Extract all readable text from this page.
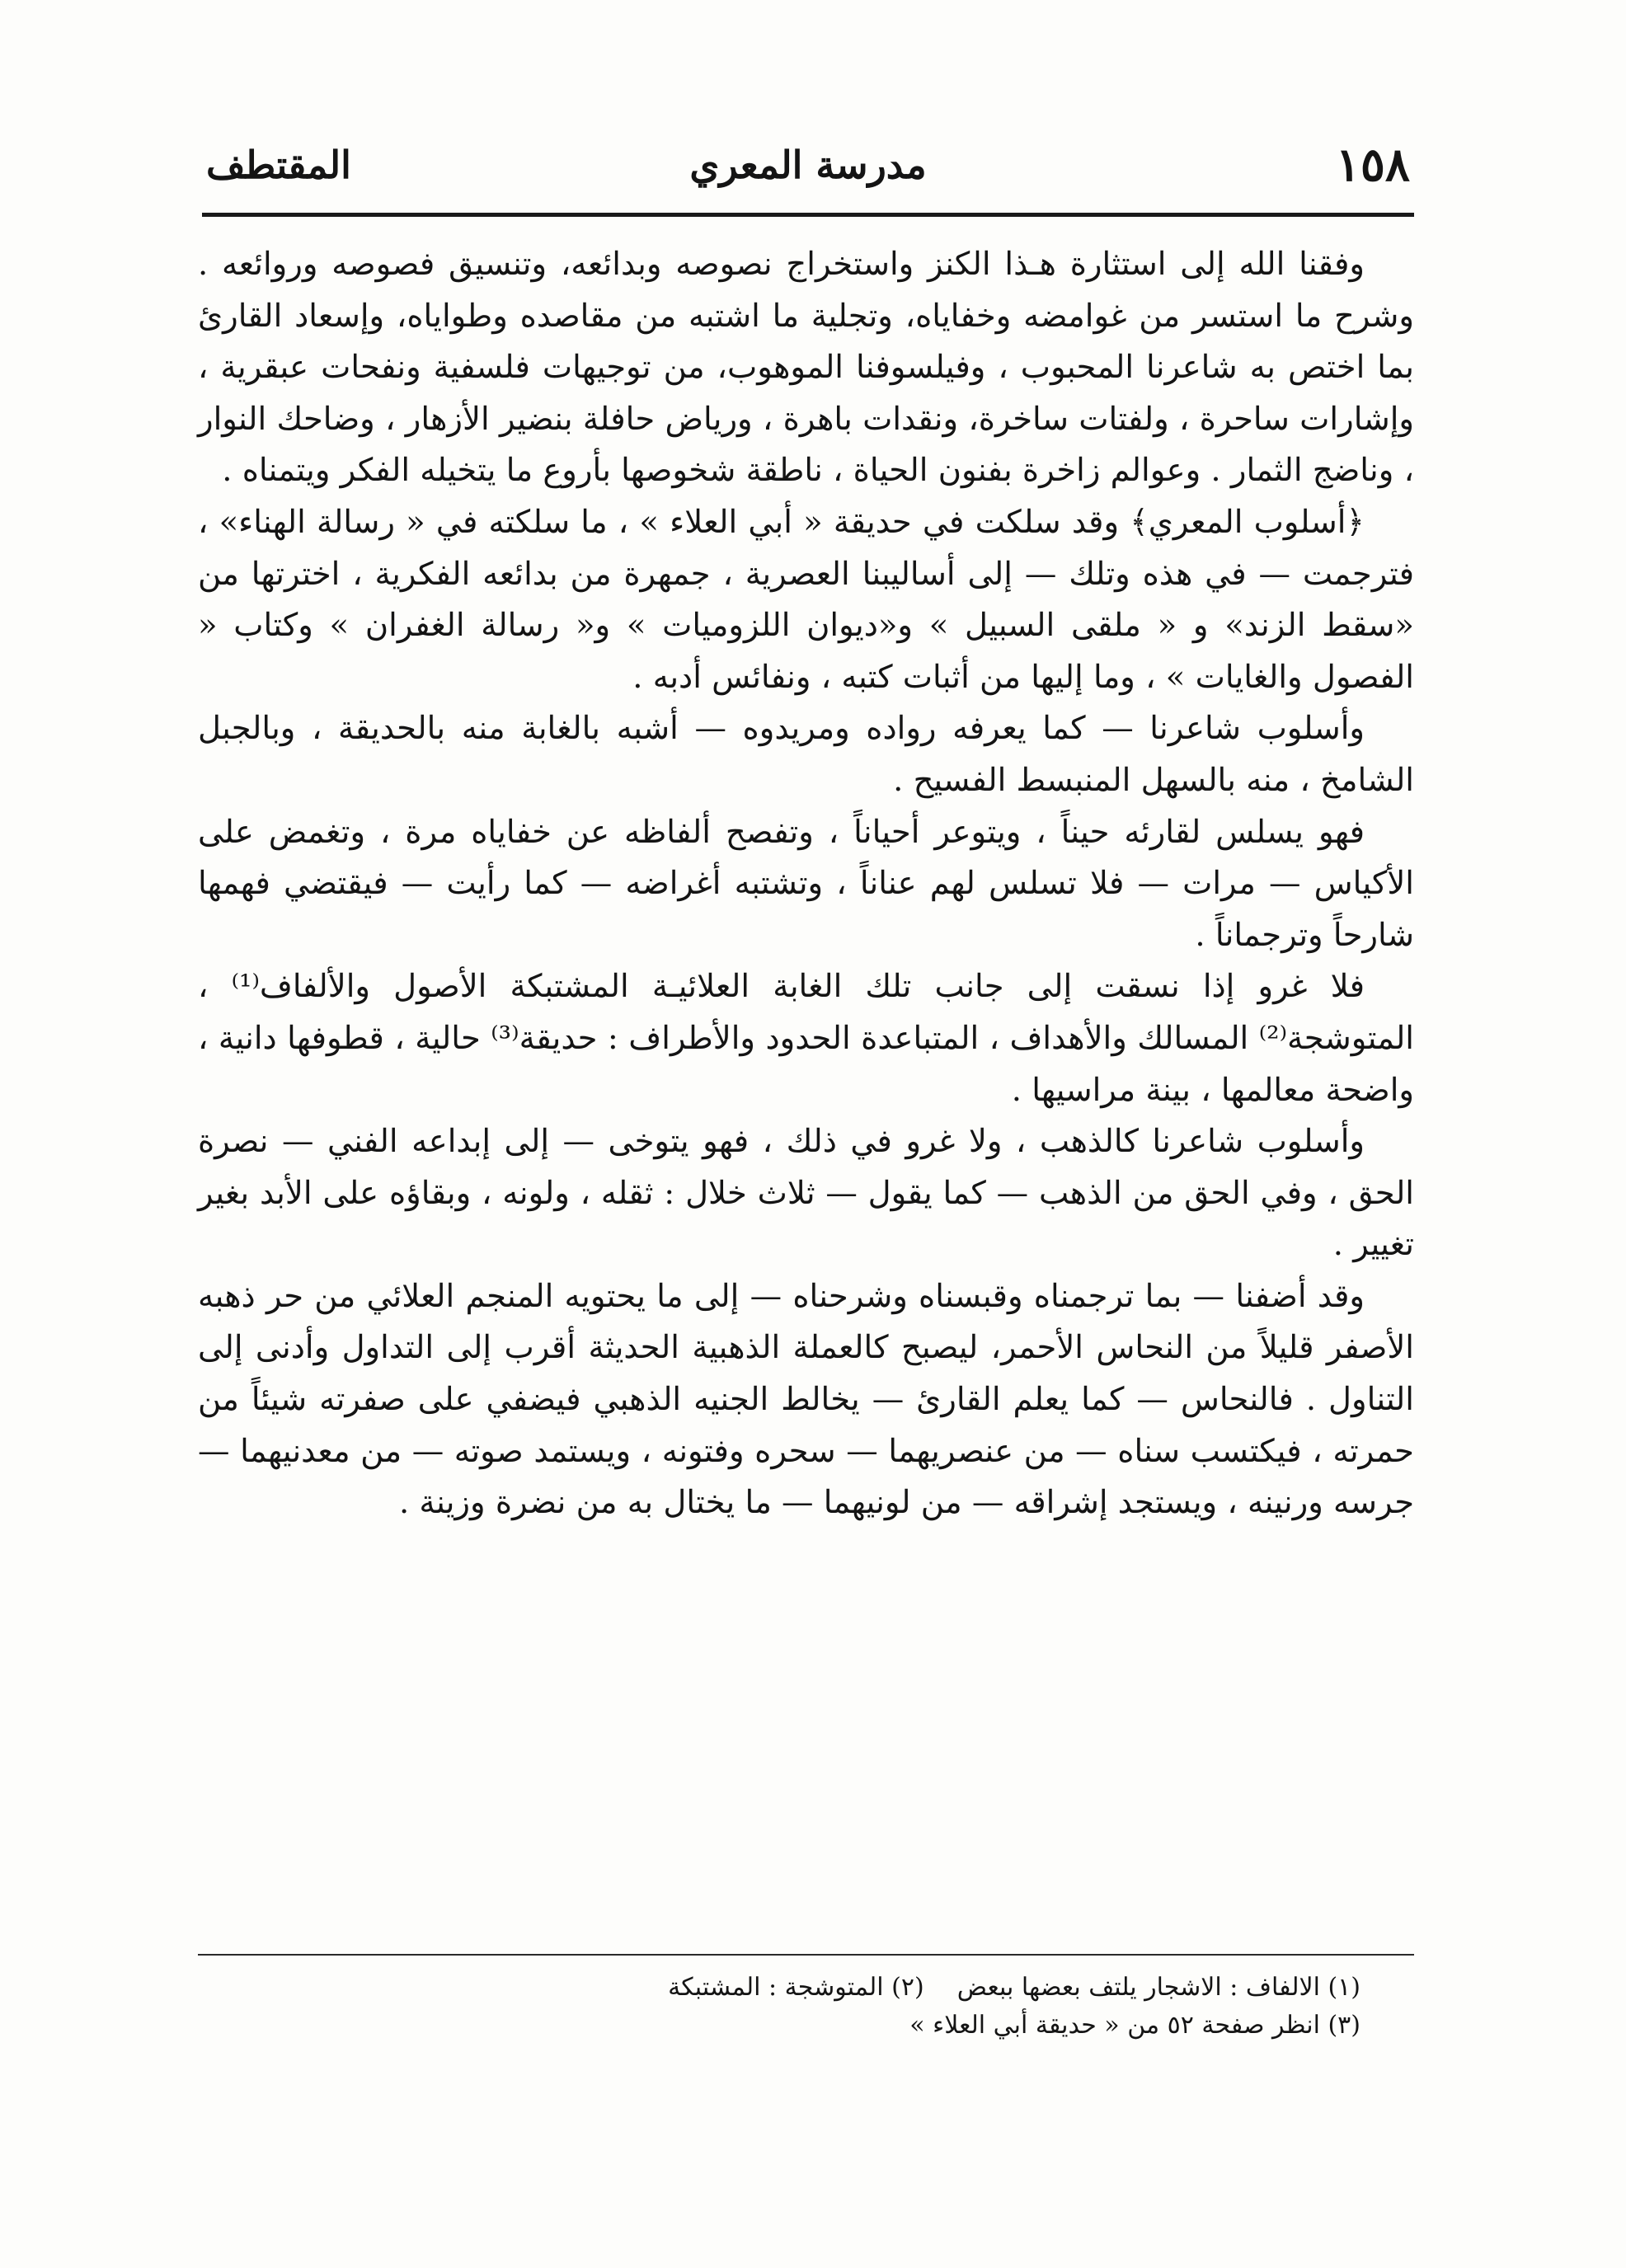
١٥٨
مدرسة المعري
المقتطف

وفقنا الله إلى استثارة هـذا الكنز واستخراج نصوصه وبدائعه، وتنسيق فصوصه وروائعه . وشرح ما استسر من غوامضه وخفاياه، وتجلية ما اشتبه من مقاصده وطواياه، وإسعاد القارئ بما اختص به شاعرنا المحبوب ، وفيلسوفنا الموهوب، من توجيهات فلسفية ونفحات عبقرية ، وإشارات ساحرة ، ولفتات ساخرة، ونقدات باهرة ، ورياض حافلة بنضير الأزهار ، وضاحك النوار ، وناضج الثمار . وعوالم زاخرة بفنون الحياة ، ناطقة شخوصها بأروع ما يتخيله الفكر ويتمناه .

﴿أسلوب المعري﴾ وقد سلكت في حديقة « أبي العلاء » ، ما سلكته في « رسالة الهناء» ، فترجمت — في هذه وتلك — إلى أساليبنا العصرية ، جمهرة من بدائعه الفكرية ، اخترتها من «سقط الزند» و « ملقى السبيل » و«ديوان اللزوميات » و« رسالة الغفران » وكتاب « الفصول والغايات » ، وما إليها من أثبات كتبه ، ونفائس أدبه .

وأسلوب شاعرنا — كما يعرفه رواده ومريدوه — أشبه بالغابة منه بالحديقة ، وبالجبل الشامخ ، منه بالسهل المنبسط الفسيح .

فهو يسلس لقارئه حيناً ، ويتوعر أحياناً ، وتفصح ألفاظه عن خفاياه مرة ، وتغمض على الأكياس — مرات — فلا تسلس لهم عناناً ، وتشتبه أغراضه — كما رأيت — فيقتضي فهمها شارحاً وترجماناً .

فلا غرو إذا نسقت إلى جانب تلك الغابة العلائيـة المشتبكة الأصول والألفاف⁽¹⁾ ، المتوشجة⁽²⁾ المسالك والأهداف ، المتباعدة الحدود والأطراف : حديقة⁽³⁾ حالية ، قطوفها دانية ، واضحة معالمها ، بينة مراسيها .

وأسلوب شاعرنا كالذهب ، ولا غرو في ذلك ، فهو يتوخى — إلى إبداعه الفني — نصرة الحق ، وفي الحق من الذهب — كما يقول — ثلاث خلال : ثقله ، ولونه ، وبقاؤه على الأبد بغير تغيير .

وقد أضفنا — بما ترجمناه وقبسناه وشرحناه — إلى ما يحتويه المنجم العلائي من حر ذهبه الأصفر قليلاً من النحاس الأحمر، ليصبح كالعملة الذهبية الحديثة أقرب إلى التداول وأدنى إلى التناول . فالنحاس — كما يعلم القارئ — يخالط الجنيه الذهبي فيضفي على صفرته شيئاً من حمرته ، فيكتسب سناه — من عنصريهما — سحره وفتونه ، ويستمد صوته — من معدنيهما — جرسه ورنينه ، ويستجد إشراقه — من لونيهما — ما يختال به من نضرة وزينة .

(١) الالفاف : الاشجار يلتف بعضها ببعض(٢) المتوشجة : المشتبكة
(٣) انظر صفحة ٥٢ من « حديقة أبي العلاء »
